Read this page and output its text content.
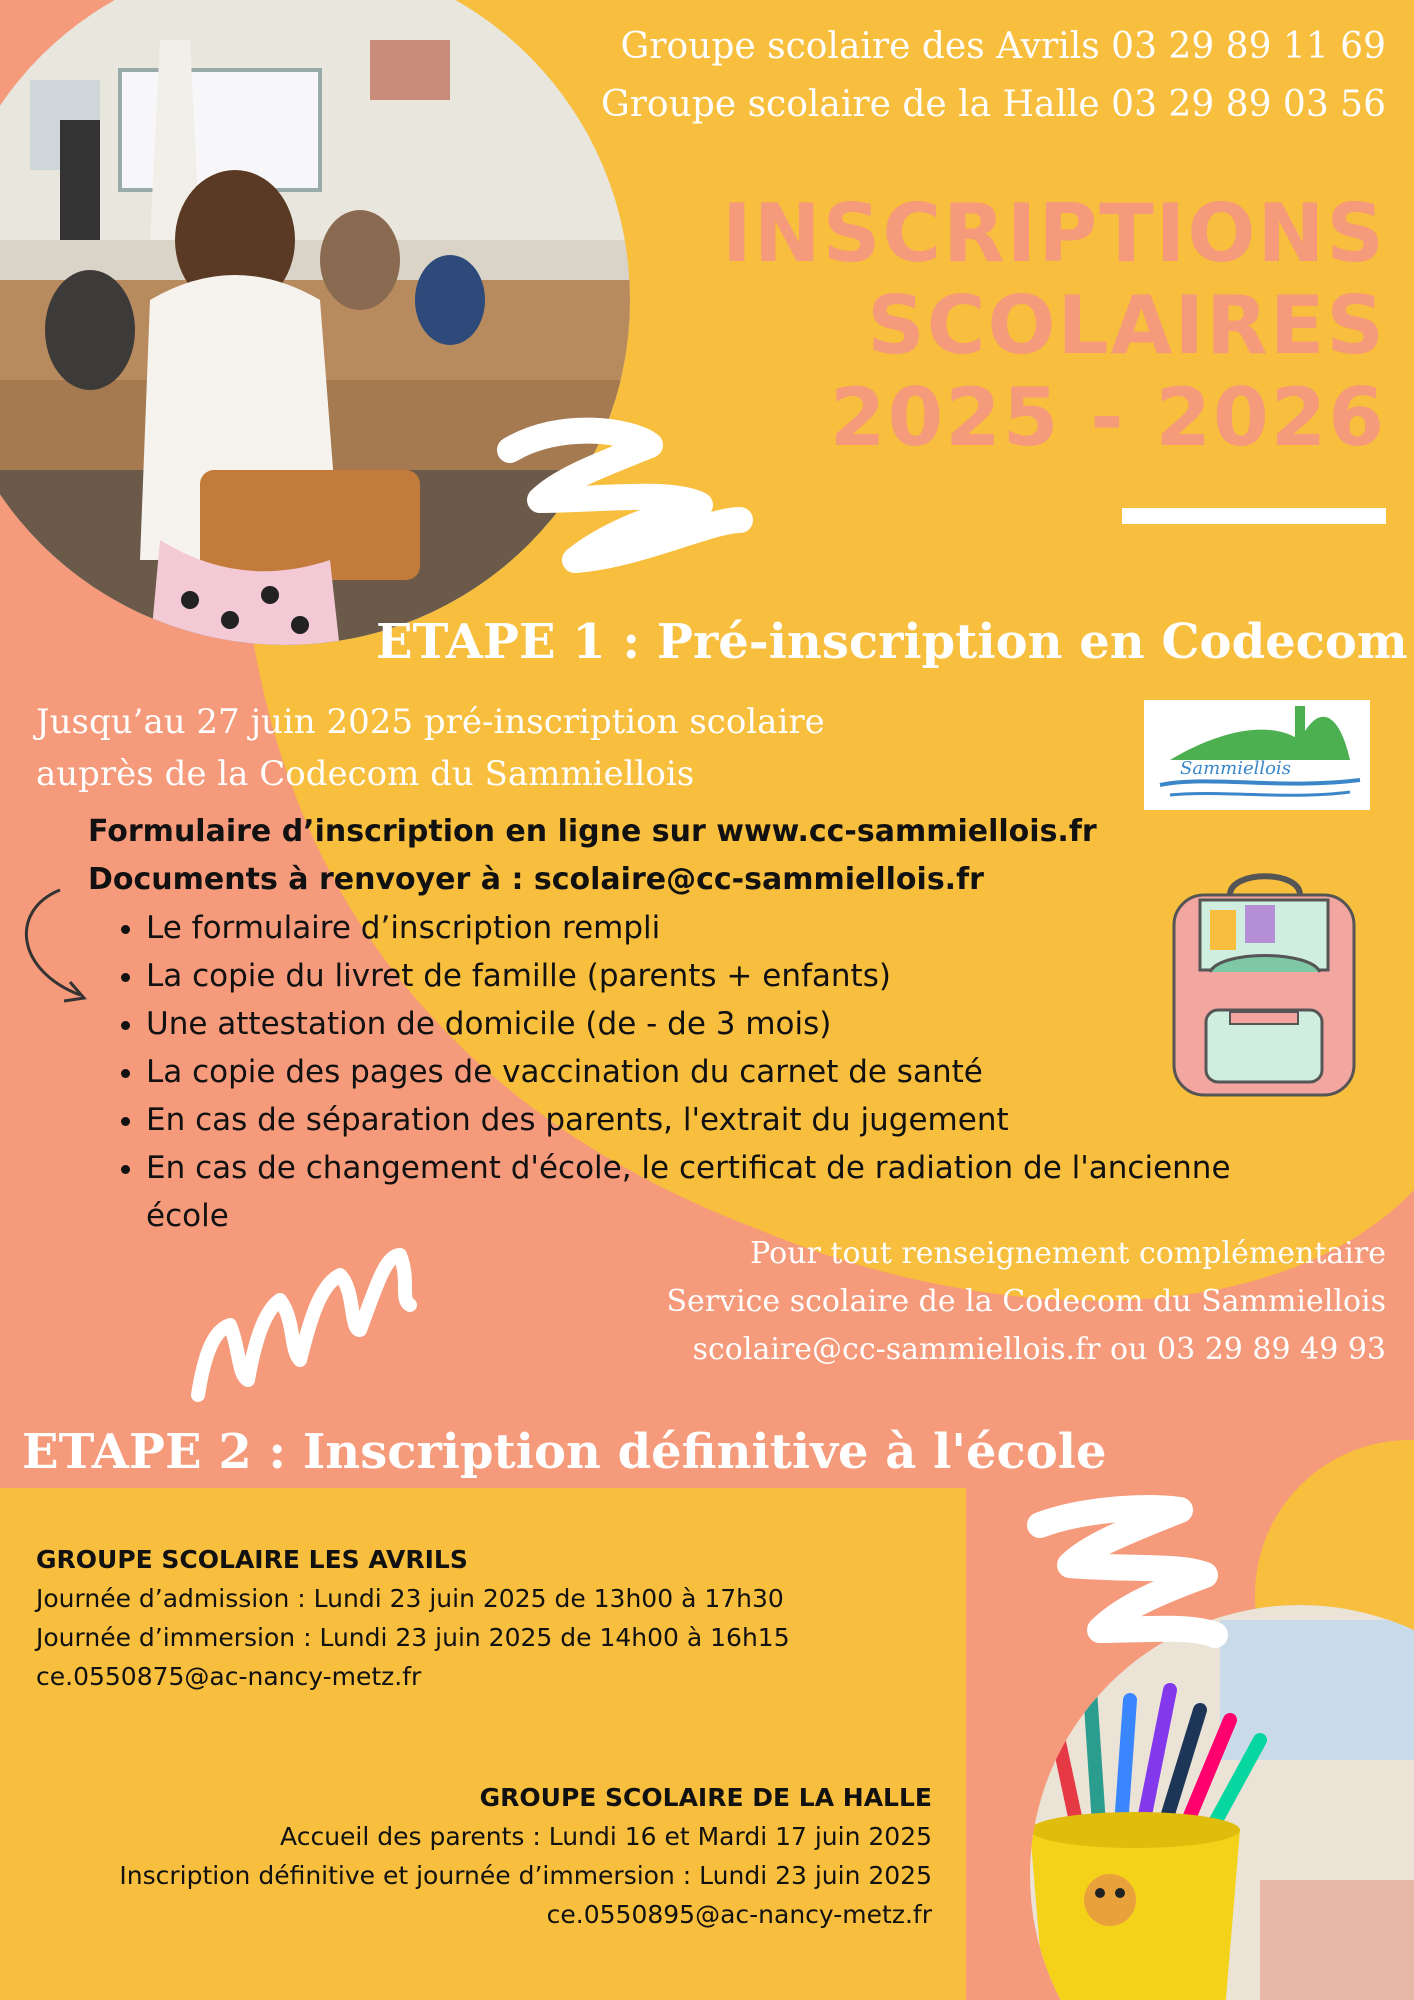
Groupe scolaire des Avrils 03 29 89 11 69
Groupe scolaire de la Halle 03 29 89 03 56
INSCRIPTIONS
SCOLAIRES
2025 - 2026
ETAPE 1 : Pré-inscription en Codecom
Jusqu’au 27 juin 2025 pré-inscription scolaire
auprès de la Codecom du Sammiellois	Sammiellois
Formulaire d’inscription en ligne sur www.cc-sammiellois.fr
Documents à renvoyer à : scolaire@cc-sammiellois.fr
• Le formulaire d’inscription rempli
• La copie du livret de famille (parents + enfants)
• Une attestation de domicile (de - de 3 mois)
• La copie des pages de vaccination du carnet de santé
• En cas de séparation des parents, l'extrait du jugement
• En cas de changement d'école, le certificat de radiation de l'ancienne école
Pour tout renseignement complémentaire
Service scolaire de la Codecom du Sammiellois
scolaire@cc-sammiellois.fr ou 03 29 89 49 93
ETAPE 2 : Inscription définitive à l'école
GROUPE SCOLAIRE LES AVRILS
Journée d’admission : Lundi 23 juin 2025 de 13h00 à 17h30
Journée d’immersion : Lundi 23 juin 2025 de 14h00 à 16h15
ce.0550875@ac-nancy-metz.fr
GROUPE SCOLAIRE DE LA HALLE
Accueil des parents : Lundi 16 et Mardi 17 juin 2025
Inscription définitive et journée d’immersion : Lundi 23 juin 2025
ce.0550895@ac-nancy-metz.fr
